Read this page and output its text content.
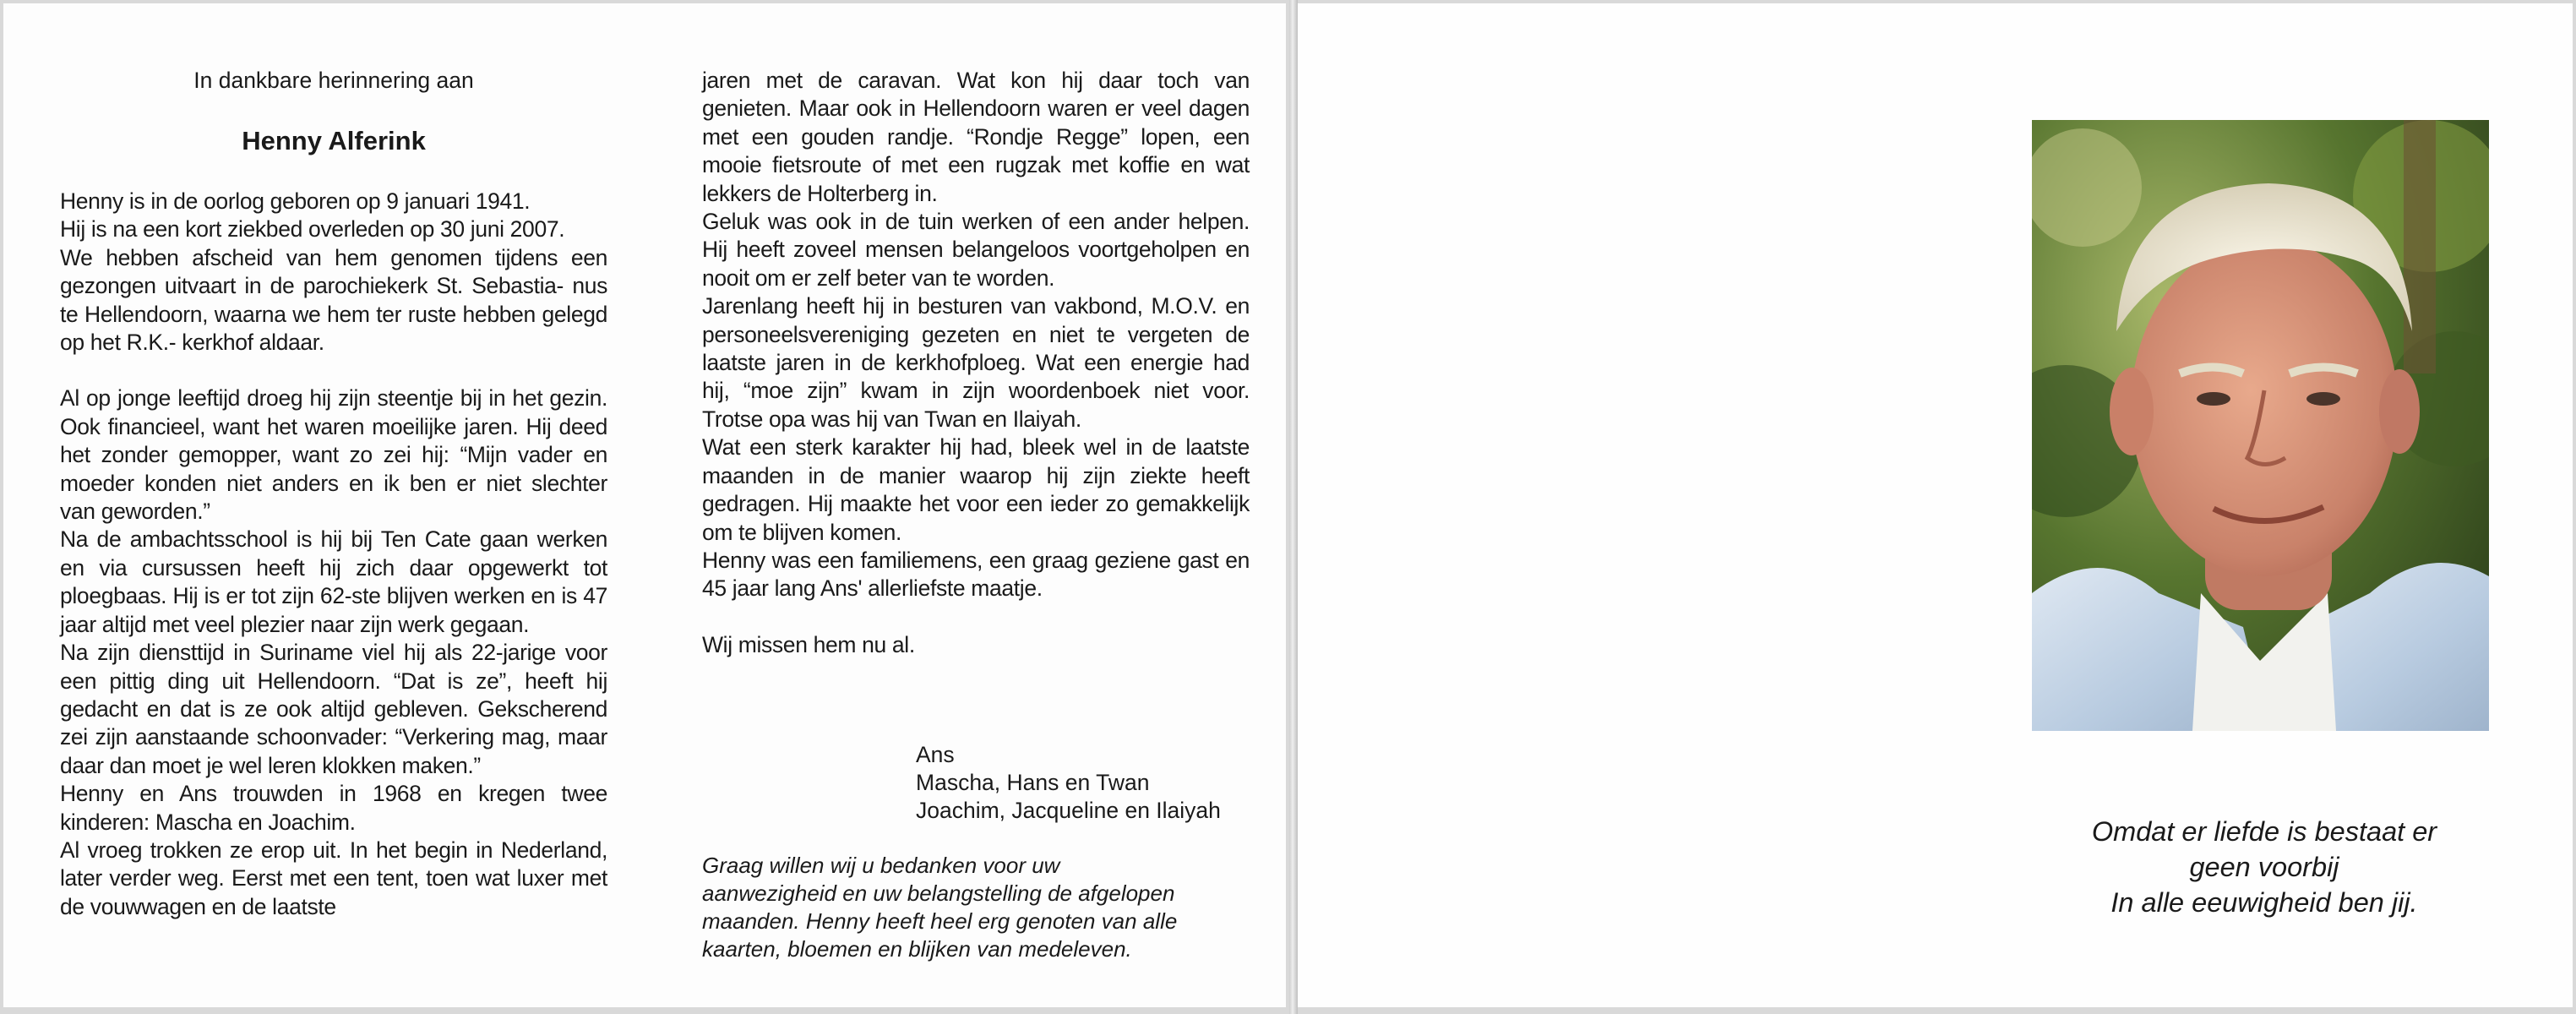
In dankbare herinnering aan
Henny Alferink

Henny is in de oorlog geboren op 9 januari 1941.

Hij is na een kort ziekbed overleden op 30 juni 2007.

We hebben afscheid van hem genomen tijdens een gezongen uitvaart in de parochiekerk St. Sebastia- nus te Hellendoorn, waarna we hem ter ruste hebben gelegd op het R.K.- kerkhof aldaar.

Al op jonge leeftijd droeg hij zijn steentje bij in het gezin. Ook financieel, want het waren moeilijke jaren. Hij deed het zonder gemopper, want zo zei hij: “Mijn vader en moeder konden niet anders en ik ben er niet slechter van geworden.”

Na de ambachtsschool is hij bij Ten Cate gaan werken en via cursussen heeft hij zich daar opgewerkt tot ploegbaas. Hij is er tot zijn 62-ste blijven werken en is 47 jaar altijd met veel plezier naar zijn werk gegaan.

Na zijn diensttijd in Suriname viel hij als 22-jarige voor een pittig ding uit Hellendoorn. “Dat is ze”, heeft hij gedacht en dat is ze ook altijd gebleven. Gekscherend zei zijn aanstaande schoonvader: “Verkering mag, maar daar dan moet je wel leren klokken maken.”

Henny en Ans trouwden in 1968 en kregen twee kinderen: Mascha en Joachim.

Al vroeg trokken ze erop uit. In het begin in Nederland, later verder weg. Eerst met een tent, toen wat luxer met de vouwwagen en de laatste

jaren met de caravan. Wat kon hij daar toch van genieten. Maar ook in Hellendoorn waren er veel dagen met een gouden randje. “Rondje Regge” lopen, een mooie fietsroute of met een rugzak met koffie en wat lekkers de Holterberg in.

Geluk was ook in de tuin werken of een ander helpen. Hij heeft zoveel mensen belangeloos voortgeholpen en nooit om er zelf beter van te worden.

Jarenlang heeft hij in besturen van vakbond, M.O.V. en personeelsvereniging gezeten en niet te vergeten de laatste jaren in de kerkhofploeg. Wat een energie had hij, “moe zijn” kwam in zijn woordenboek niet voor. Trotse opa was hij van Twan en Ilaiyah.

Wat een sterk karakter hij had, bleek wel in de laatste maanden in de manier waarop hij zijn ziekte heeft gedragen. Hij maakte het voor een ieder zo gemakkelijk om te blijven komen.

Henny was een familiemens, een graag geziene gast en 45 jaar lang Ans' allerliefste maatje.

Wij missen hem nu al.

Ans

Mascha, Hans en Twan

Joachim, Jacqueline en Ilaiyah

Graag willen wij u bedanken voor uw

aanwezigheid en uw belangstelling de afgelopen

maanden. Henny heeft heel erg genoten van alle

kaarten, bloemen en blijken van medeleven.

Omdat er liefde is bestaat er

geen voorbij

In alle eeuwigheid ben jij.
